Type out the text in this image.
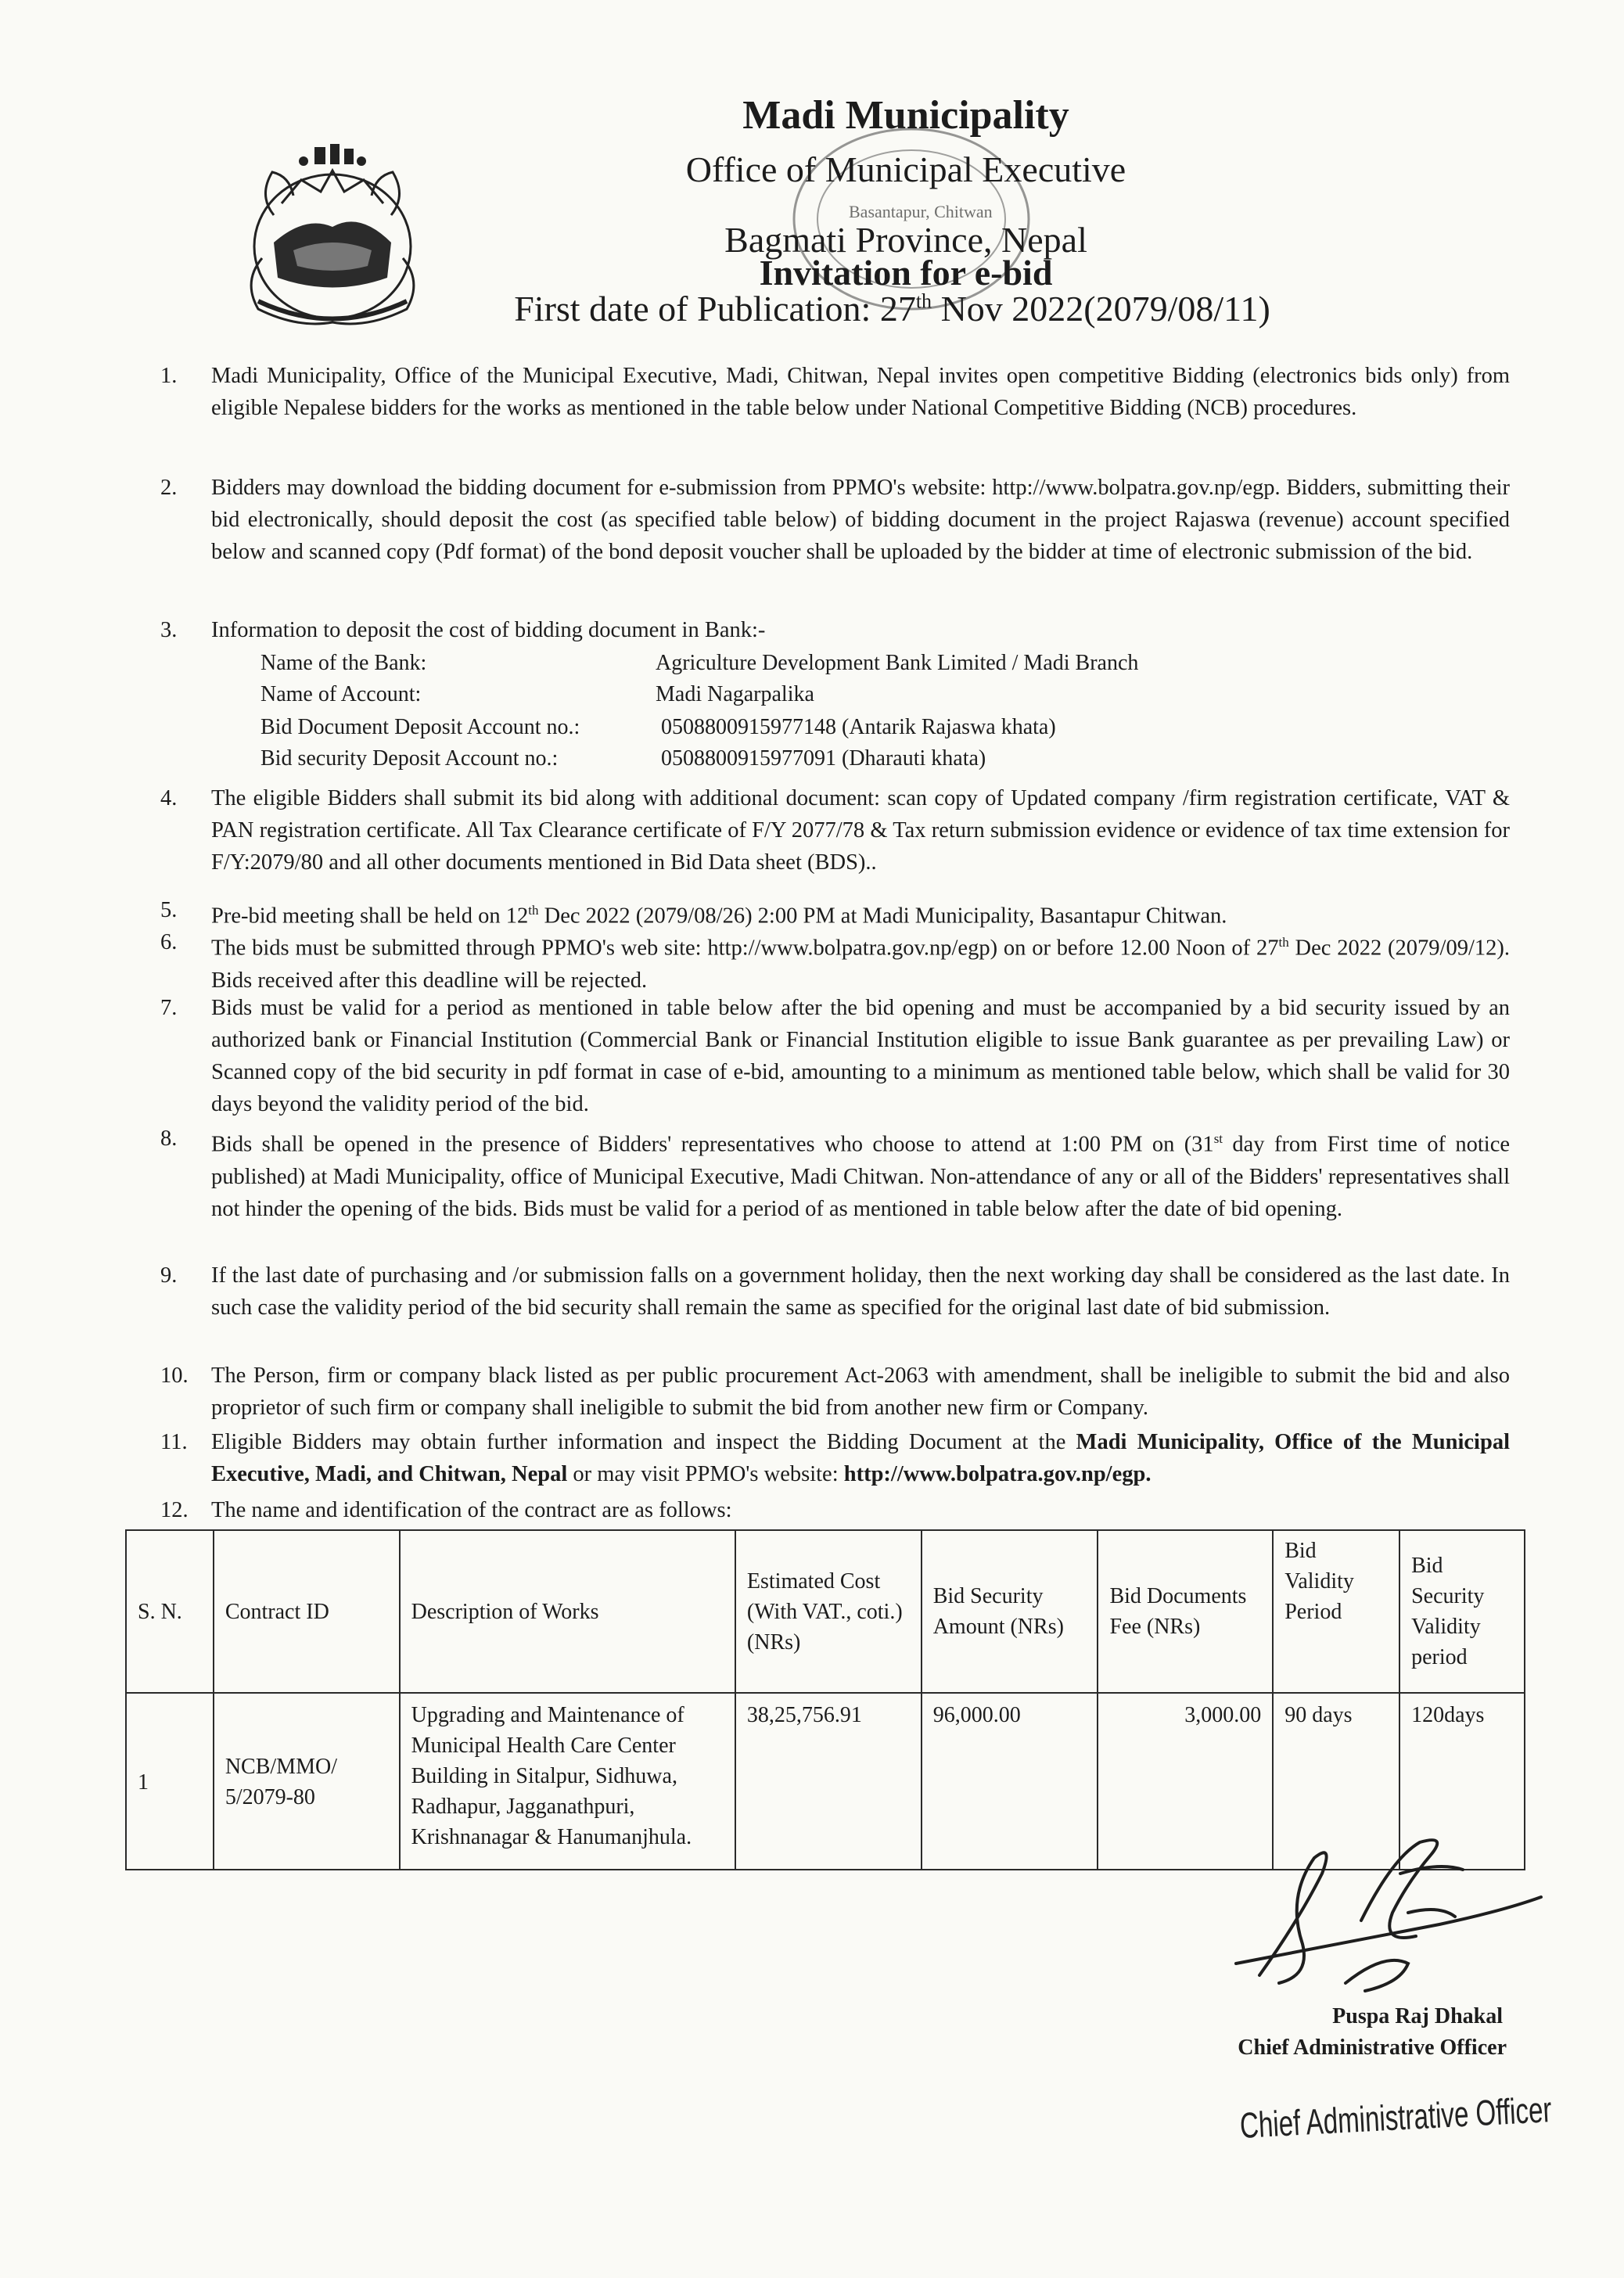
Madi Municipality
Office of Municipal Executive
Basantapur, Chitwan
Bagmati Province, Nepal
Invitation for e-bid
First date of Publication: 27th Nov 2022(2079/08/11)
1.	Madi Municipality, Office of the Municipal Executive, Madi, Chitwan, Nepal invites open competitive Bidding (electronics bids only) from eligible Nepalese bidders for the works as mentioned in the table below under National Competitive Bidding (NCB) procedures.
2.	Bidders may download the bidding document for e-submission from PPMO's website: http://www.bolpatra.gov.np/egp. Bidders, submitting their bid electronically, should deposit the cost (as specified table below) of bidding document in the project Rajaswa (revenue) account specified below and scanned copy (Pdf format) of the bond deposit voucher shall be uploaded by the bidder at time of electronic submission of the bid.
3.	Information to deposit the cost of bidding document in Bank:-
Name of the Bank:	Agriculture Development Bank Limited / Madi Branch
Name of Account:	Madi Nagarpalika
Bid Document Deposit Account no.:	0508800915977148 (Antarik Rajaswa khata)
Bid security Deposit Account no.:	0508800915977091 (Dharauti khata)
4.	The eligible Bidders shall submit its bid along with additional document: scan copy of Updated company /firm registration certificate, VAT & PAN registration certificate. All Tax Clearance certificate of F/Y 2077/78 & Tax return submission evidence or evidence of tax time extension for F/Y:2079/80 and all other documents mentioned in Bid Data sheet (BDS)..
5.	Pre-bid meeting shall be held on 12th Dec 2022 (2079/08/26) 2:00 PM at Madi Municipality, Basantapur Chitwan.
6.	The bids must be submitted through PPMO's web site: http://www.bolpatra.gov.np/egp) on or before 12.00 Noon of 27th Dec 2022 (2079/09/12). Bids received after this deadline will be rejected.
7.	Bids must be valid for a period as mentioned in table below after the bid opening and must be accompanied by a bid security issued by an authorized bank or Financial Institution (Commercial Bank or Financial Institution eligible to issue Bank guarantee as per prevailing Law) or Scanned copy of the bid security in pdf format in case of e-bid, amounting to a minimum as mentioned table below, which shall be valid for 30 days beyond the validity period of the bid.
8.	Bids shall be opened in the presence of Bidders' representatives who choose to attend at 1:00 PM on (31st day from First time of notice published) at Madi Municipality, office of Municipal Executive, Madi Chitwan. Non-attendance of any or all of the Bidders' representatives shall not hinder the opening of the bids. Bids must be valid for a period of as mentioned in table below after the date of bid opening.
9.	If the last date of purchasing and /or submission falls on a government holiday, then the next working day shall be considered as the last date. In such case the validity period of the bid security shall remain the same as specified for the original last date of bid submission.
10.	The Person, firm or company black listed as per public procurement Act-2063 with amendment, shall be ineligible to submit the bid and also proprietor of such firm or company shall ineligible to submit the bid from another new firm or Company.
11.	Eligible Bidders may obtain further information and inspect the Bidding Document at the Madi Municipality, Office of the Municipal Executive, Madi, and Chitwan, Nepal or may visit PPMO's website: http://www.bolpatra.gov.np/egp.
12.	The name and identification of the contract are as follows:
S. N.	Contract ID	Description of Works	Estimated Cost (With VAT., coti.) (NRs)	Bid Security Amount (NRs)	Bid Documents Fee (NRs)	Bid Validity Period	Bid Security Validity period
1	NCB/MMO/ 5/2079-80	Upgrading and Maintenance of Municipal Health Care Center Building in Sitalpur, Sidhuwa, Radhapur, Jagganathpuri, Krishnanagar & Hanumanjhula.	38,25,756.91	96,000.00	3,000.00	90 days	120days
Puspa Raj Dhakal
Chief Administrative Officer
Chief Administrative Officer
